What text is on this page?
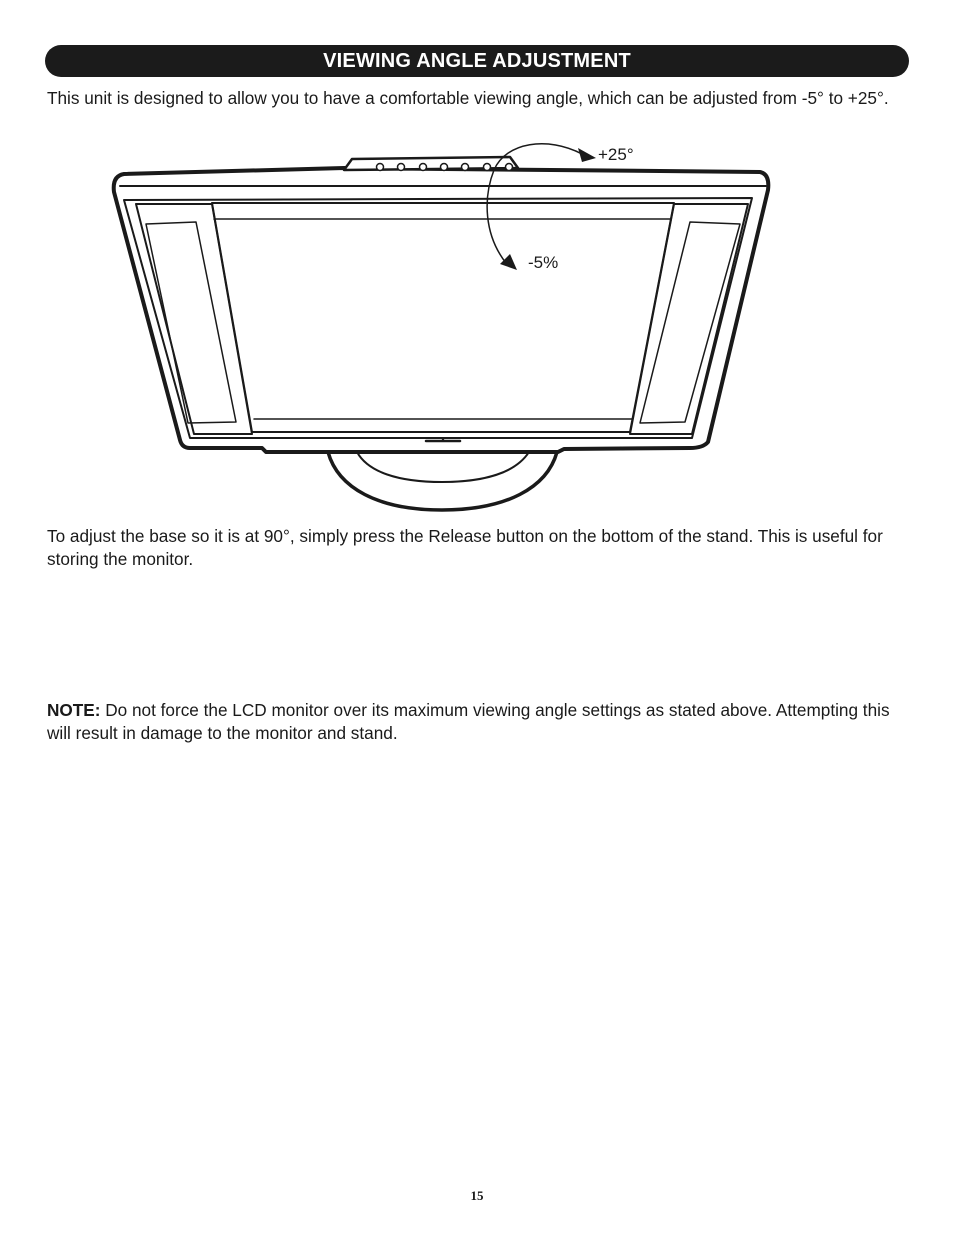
VIEWING ANGLE ADJUSTMENT

This unit is designed to allow you to have a comfortable viewing angle, which can be adjusted from -5° to +25°.

+25°
-5%

To adjust the base so it is at 90°, simply press the Release button on the bottom of the stand. This is useful for storing the monitor.

NOTE: Do not force the LCD monitor over its maximum viewing angle settings as stated above. Attempting this will result in damage to the monitor and stand.

15
